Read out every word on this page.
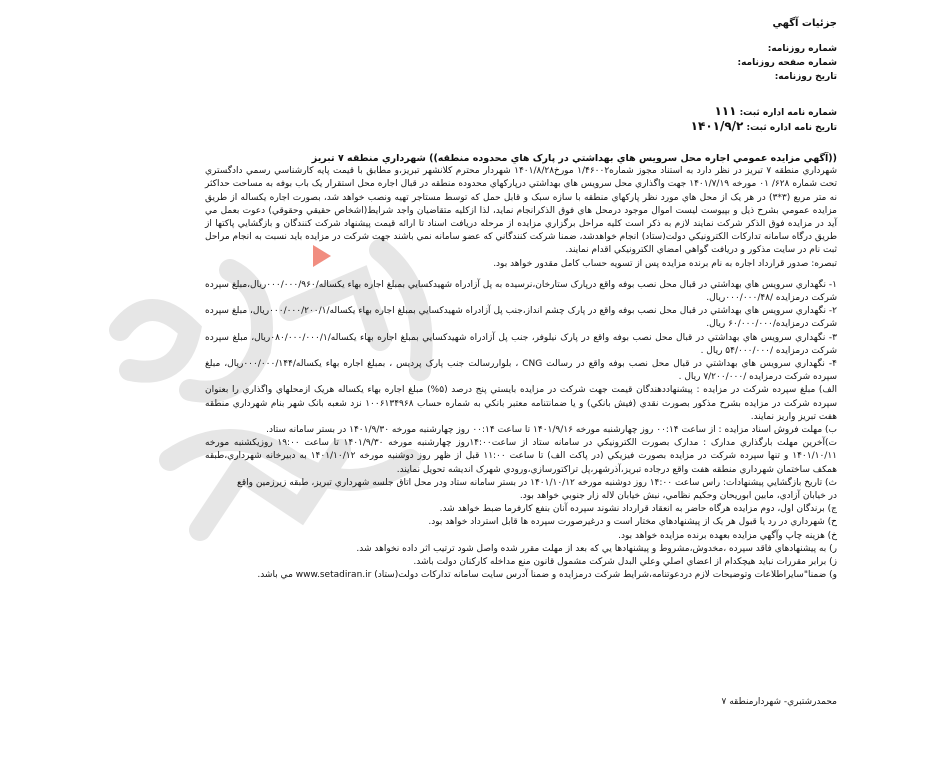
جزئيات آگهي
شماره روزنامه:
شماره صفحه روزنامه:
تاريخ روزنامه:
شماره نامه اداره ثبت: ۱۱۱
تاريخ نامه اداره ثبت: ۱۴۰۱/۹/۲

((آگهي مزايده عمومي اجاره محل سرويس هاي بهداشتي در پارک هاي محدوده منطقه)) شهرداري منطقه ۷ تبريز

شهرداري منطقه ۷ تبريز در نظر دارد به استناد مجوز شماره۱/۴۶۰۰۲ مورخ۱۴۰۱/۸/۲۸ شهردار محترم کلانشهر تبريز،و مطابق با قيمت پايه کارشناسي رسمي دادگستري تحت شماره ۶۲۸/ ۰۱ مورخه ۱۴۰۱/۷/۱۹ جهت واگذاري محل سرويس هاي بهداشتي درپارکهاي محدوده منطقه در قبال اجاره محل استقرار يک باب بوفه به مساحت حداکثر نه متر مربع (۳*۳) در هر يک از محل هاي مورد نظر پارکهاي منطقه با سازه سبک و قابل حمل که توسط مستاجر تهيه ونصب خواهد شد، بصورت اجاره يکساله از طريق مزايده عمومي بشرح ذيل و بپيوست ليست اموال موجود درمحل هاي فوق الذکرانجام نمايد، لذا ازکليه متقاضيان واجد شرايط(اشخاص حقيقي وحقوقي) دعوت بعمل مي آيد در مزايده فوق الذکر شرکت نمايند لازم به ذکر است کليه مراحل برگزاري مزايده از مرحله دريافت اسناد تا ارائه قيمت پيشنهاد شرکت کنندگان و بازگشايي پاکتها از طريق درگاه سامانه تدارکات الکترونيکي دولت(ستاد) انجام خواهدشد، ضمنا شرکت کنندگاني که عضو سامانه نمي باشند جهت شرکت در مزايده بايد نسبت به انجام مراحل ثبت نام در سايت مذکور و دريافت گواهي امضاي الکترونيکي اقدام نمايند.

تبصره: صدور قرارداد اجاره به نام برنده مزايده پس از تسويه حساب کامل مقدور خواهد بود.

۱- نگهداري سرويس هاي بهداشتي در قبال محل نصب بوفه واقع درپارک ستارخان،نرسيده به پل آزادراه شهيدکسايي بمبلغ اجاره بهاء يکساله/۰۰۰/۰۰۰/۹۶۰ريال،مبلغ سپرده شرکت درمزايده /۰۰۰/۰۰۰/۴۸ريال.

۲- نگهداري سرويس هاي بهداشتي در قبال محل نصب بوفه واقع در پارک چشم انداز،جنب پل آزادراه شهيدکسايي بمبلغ اجاره بهاء يکساله/۰۰۰/۰۰۰/۲۰۰/۱ريال، مبلغ سپرده شرکت درمزايده/۶۰/۰۰۰/۰۰۰ ريال.

۳- نگهداري سرويس هاي بهداشتي در قبال محل نصب بوفه واقع در پارک نيلوفر، جنب پل آزادراه شهيدکسايي بمبلغ اجاره بهاء يکساله/۰۸۰/۰۰۰/۰۰۰/۱ريال، مبلغ سپرده شرکت درمزايده /۵۴/۰۰۰/۰۰۰ ريال .

۴- نگهداري سرويس هاي بهداشتي در قبال محل نصب بوفه واقع در رسالت CNG ، بلواررسالت جنب پارک پرديس ، بمبلغ اجاره بهاء يکساله/۰۰۰/۰۰۰/۱۴۴ريال، مبلغ سپرده شرکت درمزايده /۷/۲۰۰/۰۰۰ ريال .

الف) مبلغ سپرده شرکت در مزايده : پيشنهاددهندگان قيمت جهت شرکت در مزايده بايستي پنج درصد (۵%) مبلغ اجاره بهاء يکساله هريک ازمحلهاي واگذاري را بعنوان سپرده شرکت در مزايده بشرح مذکور بصورت نقدي (فيش بانکي) و يا ضمانتنامه معتبر بانکي به شماره حساب ۱۰۰۶۱۳۴۹۶۸ نزد شعبه بانک شهر بنام شهرداري منطقه هفت تبريز واريز نمايند.

ب) مهلت فروش اسناد مزايده : از ساعت ۰۰:۱۴ روز چهارشنبه مورخه ۱۴۰۱/۹/۱۶ تا ساعت ۰۰:۱۴ روز چهارشنبه مورخه ۱۴۰۱/۹/۳۰ در بستر سامانه ستاد.

ت)آخرين مهلت بارگذاري مدارک : مدارک بصورت الکترونيکي در سامانه ستاد از ساعت۱۴:۰۰روز چهارشنبه مورخه ۱۴۰۱/۹/۳۰ تا ساعت ۱۹:۰۰ روزيکشنبه مورخه ۱۴۰۱/۱۰/۱۱ و تنها سپرده شرکت در مزايده بصورت فيزيکي (در پاکت الف) تا ساعت ۱۱:۰۰ قبل از ظهر روز دوشنبه مورخه ۱۴۰۱/۱۰/۱۲ به دبيرخانه شهرداري،طبقه همکف ساختمان شهرداري منطقه هفت واقع درجاده تبريز،آذرشهر،پل تراکتورسازي،ورودي شهرک انديشه تحويل نمايند.

ث) تاريخ بازگشايي پيشنهادات: راس ساعت ۱۴:۰۰ روز دوشنبه مورخه ۱۴۰۱/۱۰/۱۲ در بستر سامانه ستاد ودر محل اتاق جلسه شهرداري تبريز، طبقه زيرزمين واقع

در خيابان آزادي، مابين ابوريحان وحکيم نظامي، نبش خيابان لاله زار جنوبي خواهد بود.

ج) برندگان اول، دوم مزايده هرگاه حاضر به انعقاد قرارداد نشوند سپرده آنان بنفع کارفرما ضبط خواهد شد.

ح) شهرداري در رد يا قبول هر يک از پيشنهادهاي مختار است و درغيرصورت سپرده ها قابل استرداد خواهد بود.

خ) هزينه چاپ وآگهي مزايده بعهده برنده مزايده خواهد بود.

ر) به پيشنهادهاي فاقد سپرده ،مخدوش،مشروط و پيشنهادها يي که بعد از مهلت مقرر شده واصل شود ترتيب اثر داده نخواهد شد.

ز) برابر مقررات نبايد هيچکدام از اعضاي اصلي وعلي البدل شرکت مشمول قانون منع مداخله کارکنان دولت باشد.

و) ضمنا"سايراطلاعات وتوضيحات لازم دردعوتنامه،شرايط شرکت درمزايده و ضمنا آدرس سايت سامانه تدارکات دولت(ستاد) www.setadiran.ir مي باشد.

محمدرشتبري- شهردارمنطقه ۷
